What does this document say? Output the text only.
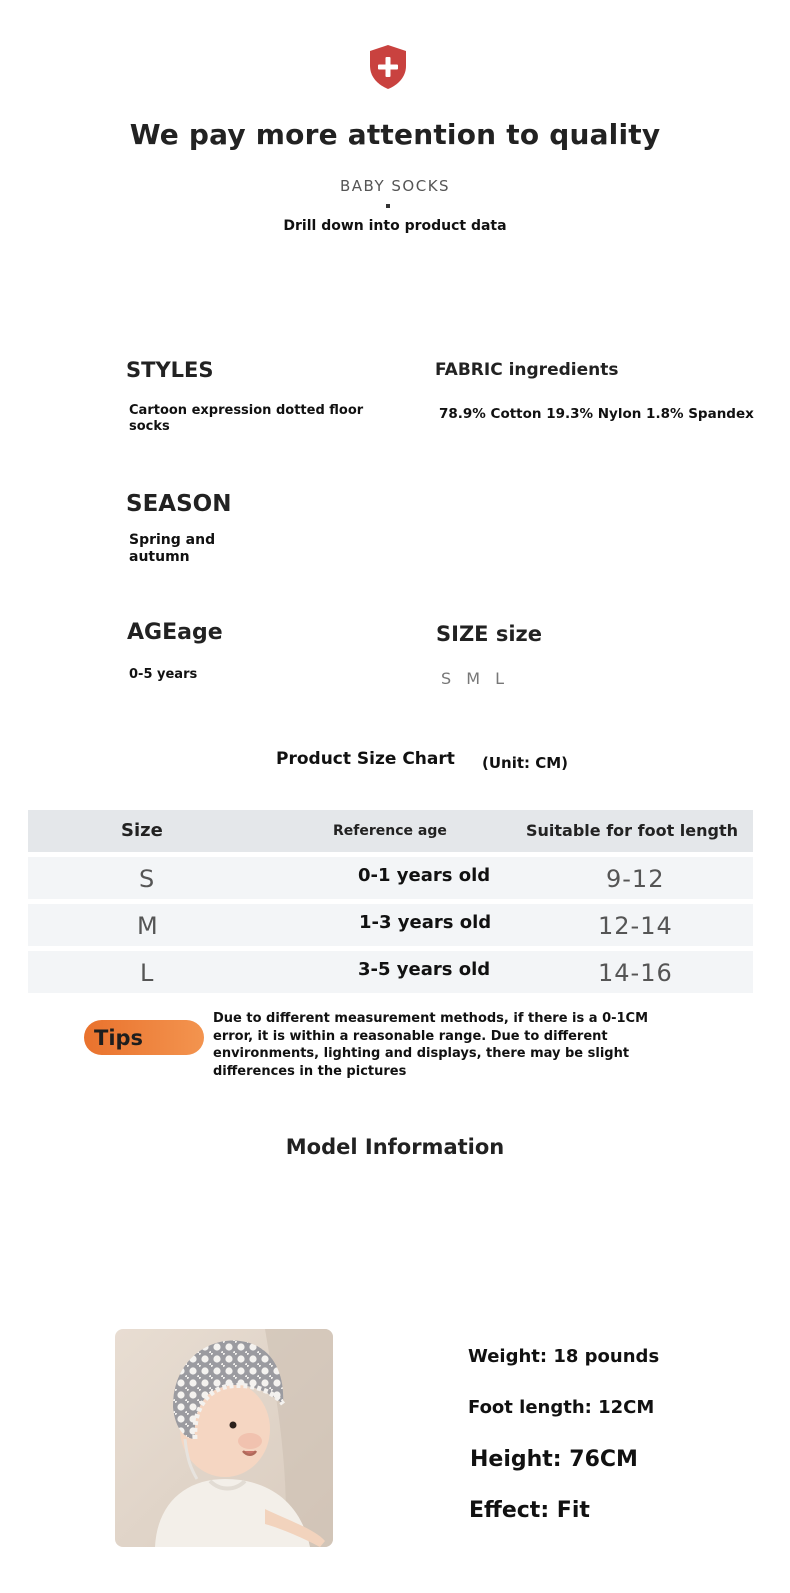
We pay more attention to quality
BABY SOCKS
Drill down into product data
STYLES
Cartoon expression dotted floor socks
FABRIC ingredients
78.9% Cotton 19.3% Nylon 1.8% Spandex
SEASON
Spring and
autumn
AGEage
0-5 years
SIZE size
S M L
Product Size Chart (Unit: CM)
Size	Reference age	Suitable for foot length
S	0-1 years old	9-12
M	1-3 years old	12-14
L	3-5 years old	14-16
Tips
Due to different measurement methods, if there is a 0-1CM error, it is within a reasonable range. Due to different environments, lighting and displays, there may be slight differences in the pictures
Model Information
Weight: 18 pounds
Foot length: 12CM
Height: 76CM
Effect: Fit
